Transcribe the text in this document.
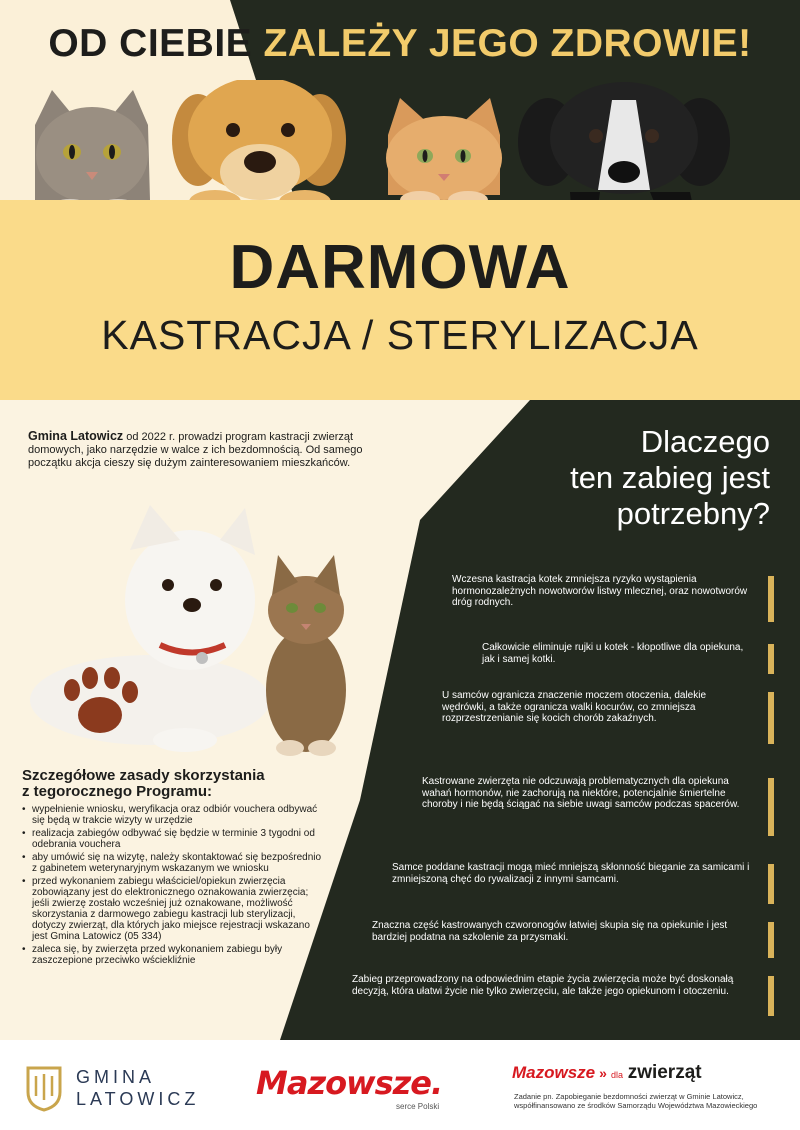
OD CIEBIE ZALEŻY JEGO ZDROWIE!
DARMOWA
KASTRACJA / STERYLIZACJA
Gmina Latowicz od 2022 r. prowadzi program kastracji zwierząt domowych, jako narzędzie w walce z ich bezdomnością. Od samego początku akcja cieszy się dużym zainteresowaniem mieszkańców.
Dlaczego
ten zabieg jest
potrzebny?
Wczesna kastracja kotek zmniejsza ryzyko wystąpienia hormonozależnych nowotworów listwy mlecznej, oraz nowotworów dróg rodnych.
Całkowicie eliminuje rujki u kotek - kłopotliwe dla opiekuna, jak i samej kotki.
U samców ogranicza znaczenie moczem otoczenia, dalekie wędrówki, a także ogranicza walki kocurów, co zmniejsza rozprzestrzenianie się kocich chorób zakaźnych.
Kastrowane zwierzęta nie odczuwają problematycznych dla opiekuna wahań hormonów, nie zachorują na niektóre, potencjalnie śmiertelne choroby i nie będą ściągać na siebie uwagi samców podczas spacerów.
Samce poddane kastracji mogą mieć mniejszą skłonność bieganie za samicami i zmniejszoną chęć do rywalizacji z innymi samcami.
Znaczna część kastrowanych czworonogów łatwiej skupia się na opiekunie i jest bardziej podatna na szkolenie za przysmaki.
Zabieg przeprowadzony na odpowiednim etapie życia zwierzęcia może być doskonałą decyzją, która ułatwi życie nie tylko zwierzęciu, ale także jego opiekunom i otoczeniu.
Szczegółowe zasady skorzystania
z tegorocznego Programu:
• wypełnienie wniosku, weryfikacja oraz odbiór vouchera odbywać się będą w trakcie wizyty w urzędzie
• realizacja zabiegów odbywać się będzie w terminie 3 tygodni od odebrania vouchera
• aby umówić się na wizytę, należy skontaktować się bezpośrednio z gabinetem weterynaryjnym wskazanym we wniosku
• przed wykonaniem zabiegu właściciel/opiekun zwierzęcia zobowiązany jest do elektronicznego oznakowania zwierzęcia; jeśli zwierzę zostało wcześniej już oznakowane, możliwość skorzystania z darmowego zabiegu kastracji lub sterylizacji, dotyczy zwierząt, dla których jako miejsce rejestracji wskazano jest Gmina Latowicz (05 334)
• zaleca się, by zwierzęta przed wykonaniem zabiegu były zaszczepione przeciwko wściekliźnie
GMINA
LATOWICZ Mazowsze.
serce Polski
Mazowsze » dla zwierząt
Zadanie pn. Zapobieganie bezdomności zwierząt w Gminie Latowicz, współfinansowano ze środków Samorządu Województwa Mazowieckiego
